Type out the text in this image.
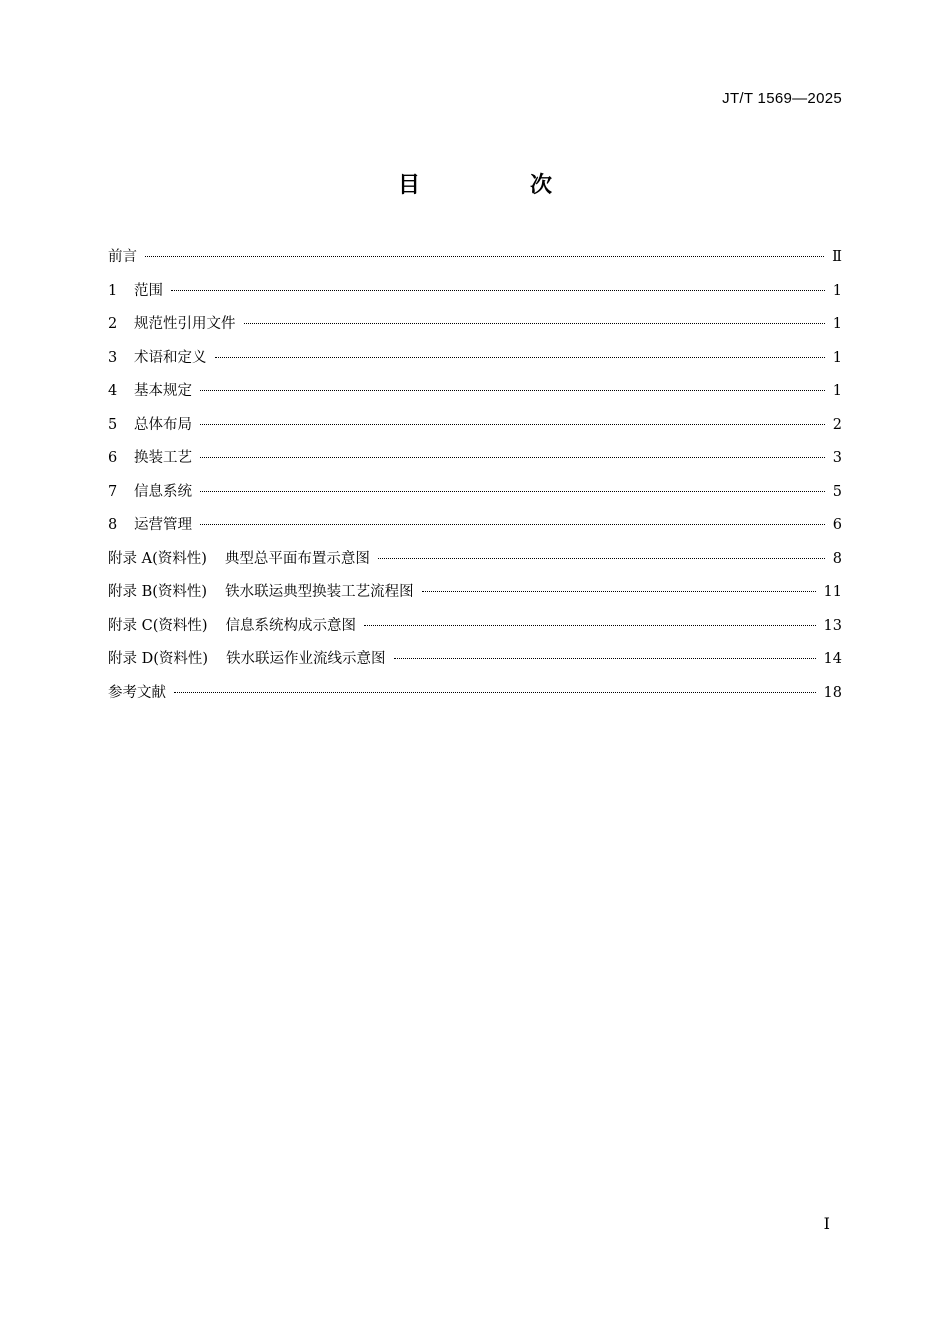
JT/T 1569—2025
目　次
前言	Ⅱ
1	范围	1
2	规范性引用文件	1
3	术语和定义	1
4	基本规定	1
5	总体布局	2
6	换装工艺	3
7	信息系统	5
8	运营管理	6
附录 A(资料性) 典型总平面布置示意图	8
附录 B(资料性) 铁水联运典型换装工艺流程图	11
附录 C(资料性) 信息系统构成示意图	13
附录 D(资料性) 铁水联运作业流线示意图	14
参考文献	18
I
